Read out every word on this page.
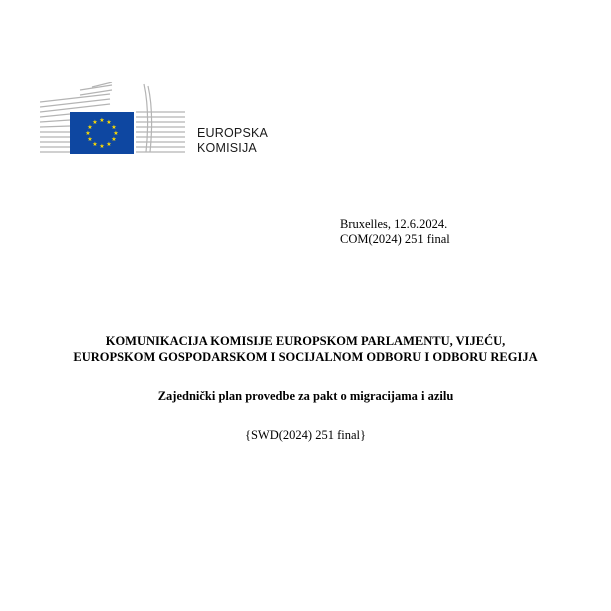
★ ★
★
★
★
★
★
★
★
★
★
★
EUROPSKA
KOMISIJA
Bruxelles, 12.6.2024.
COM(2024) 251 final
KOMUNIKACIJA KOMISIJE EUROPSKOM PARLAMENTU, VIJEĆU,
EUROPSKOM GOSPODARSKOM I SOCIJALNOM ODBORU I ODBORU REGIJA
Zajednički plan provedbe za pakt o migracijama i azilu
{SWD(2024) 251 final}
